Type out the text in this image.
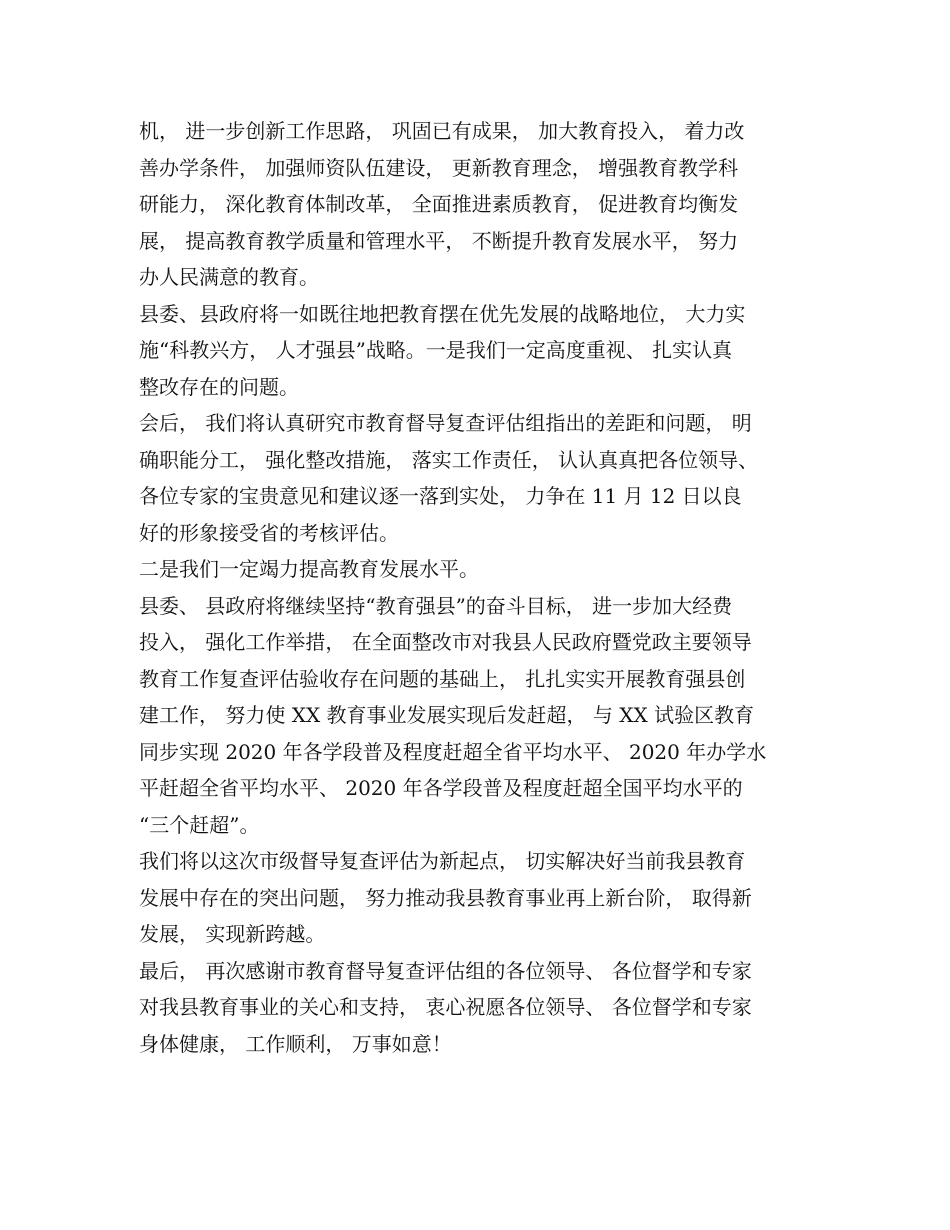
机， 进一步创新工作思路， 巩固已有成果， 加大教育投入， 着力改
善办学条件， 加强师资队伍建设， 更新教育理念， 增强教育教学科
研能力， 深化教育体制改革， 全面推进素质教育， 促进教育均衡发
展， 提高教育教学质量和管理水平， 不断提升教育发展水平， 努力
办人民满意的教育。

县委、县政府将一如既往地把教育摆在优先发展的战略地位， 大力实
施“科教兴方， 人才强县”战略。一是我们一定高度重视、 扎实认真
整改存在的问题。

会后， 我们将认真研究市教育督导复查评估组指出的差距和问题， 明
确职能分工， 强化整改措施， 落实工作责任， 认认真真把各位领导、
各位专家的宝贵意见和建议逐一落到实处， 力争在 11 月 12 日以良
好的形象接受省的考核评估。

二是我们一定竭力提高教育发展水平。

县委、 县政府将继续坚持“教育强县”的奋斗目标， 进一步加大经费
投入， 强化工作举措， 在全面整改市对我县人民政府暨党政主要领导
教育工作复查评估验收存在问题的基础上， 扎扎实实开展教育强县创
建工作， 努力使 XX 教育事业发展实现后发赶超， 与 XX 试验区教育
同步实现 2020 年各学段普及程度赶超全省平均水平、 2020 年办学水
平赶超全省平均水平、 2020 年各学段普及程度赶超全国平均水平的
“三个赶超”。

我们将以这次市级督导复查评估为新起点， 切实解决好当前我县教育
发展中存在的突出问题， 努力推动我县教育事业再上新台阶， 取得新
发展， 实现新跨越。

最后， 再次感谢市教育督导复查评估组的各位领导、 各位督学和专家
对我县教育事业的关心和支持， 衷心祝愿各位领导、 各位督学和专家
身体健康， 工作顺利， 万事如意！
